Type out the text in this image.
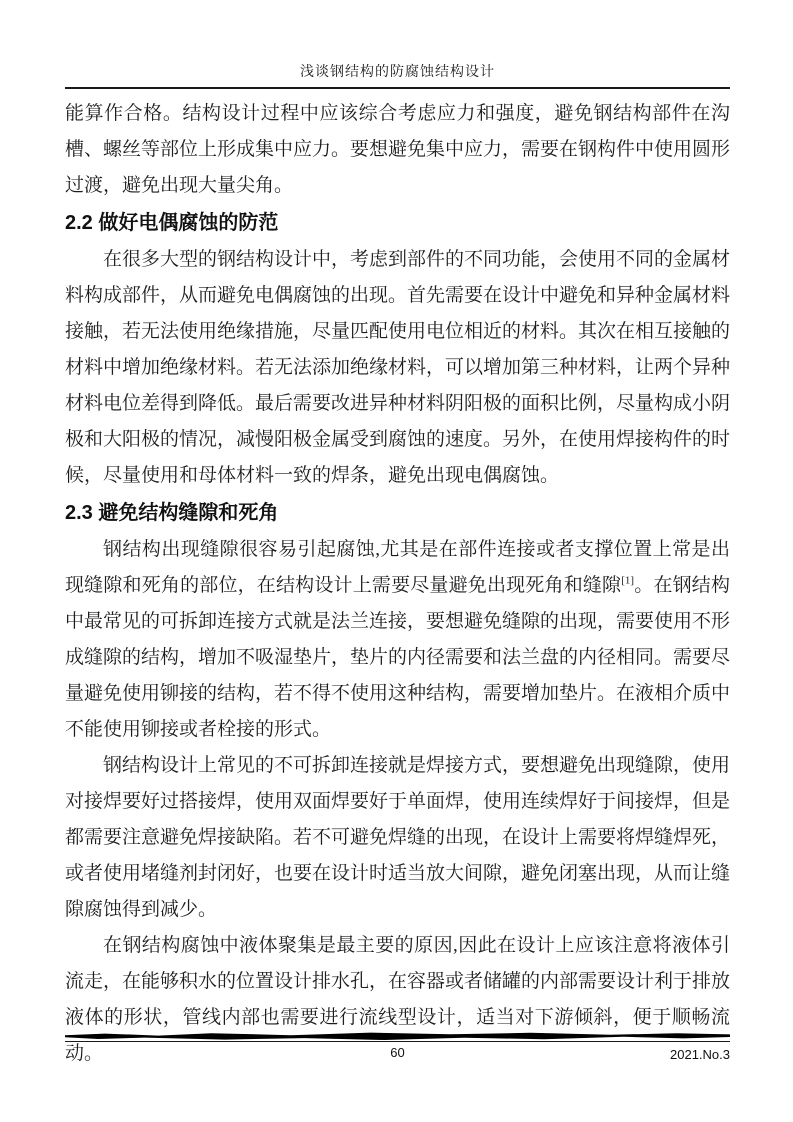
浅谈钢结构的防腐蚀结构设计

能算作合格。结构设计过程中应该综合考虑应力和强度，避免钢结构部件在沟槽、螺丝等部位上形成集中应力。要想避免集中应力，需要在钢构件中使用圆形过渡，避免出现大量尖角。

2.2 做好电偶腐蚀的防范

在很多大型的钢结构设计中，考虑到部件的不同功能，会使用不同的金属材料构成部件，从而避免电偶腐蚀的出现。首先需要在设计中避免和异种金属材料接触，若无法使用绝缘措施，尽量匹配使用电位相近的材料。其次在相互接触的材料中增加绝缘材料。若无法添加绝缘材料，可以增加第三种材料，让两个异种材料电位差得到降低。最后需要改进异种材料阴阳极的面积比例，尽量构成小阴极和大阳极的情况，减慢阳极金属受到腐蚀的速度。另外，在使用焊接构件的时候，尽量使用和母体材料一致的焊条，避免出现电偶腐蚀。

2.3 避免结构缝隙和死角

钢结构出现缝隙很容易引起腐蚀,尤其是在部件连接或者支撑位置上常是出现缝隙和死角的部位，在结构设计上需要尽量避免出现死角和缝隙[1]。在钢结构中最常见的可拆卸连接方式就是法兰连接，要想避免缝隙的出现，需要使用不形成缝隙的结构，增加不吸湿垫片，垫片的内径需要和法兰盘的内径相同。需要尽量避免使用铆接的结构，若不得不使用这种结构，需要增加垫片。在液相介质中不能使用铆接或者栓接的形式。

钢结构设计上常见的不可拆卸连接就是焊接方式，要想避免出现缝隙，使用对接焊要好过搭接焊，使用双面焊要好于单面焊，使用连续焊好于间接焊，但是都需要注意避免焊接缺陷。若不可避免焊缝的出现，在设计上需要将焊缝焊死，或者使用堵缝剂封闭好，也要在设计时适当放大间隙，避免闭塞出现，从而让缝隙腐蚀得到减少。

在钢结构腐蚀中液体聚集是最主要的原因,因此在设计上应该注意将液体引流走，在能够积水的位置设计排水孔，在容器或者储罐的内部需要设计利于排放液体的形状，管线内部也需要进行流线型设计，适当对下游倾斜，便于顺畅流动。	60	2021.No.3
